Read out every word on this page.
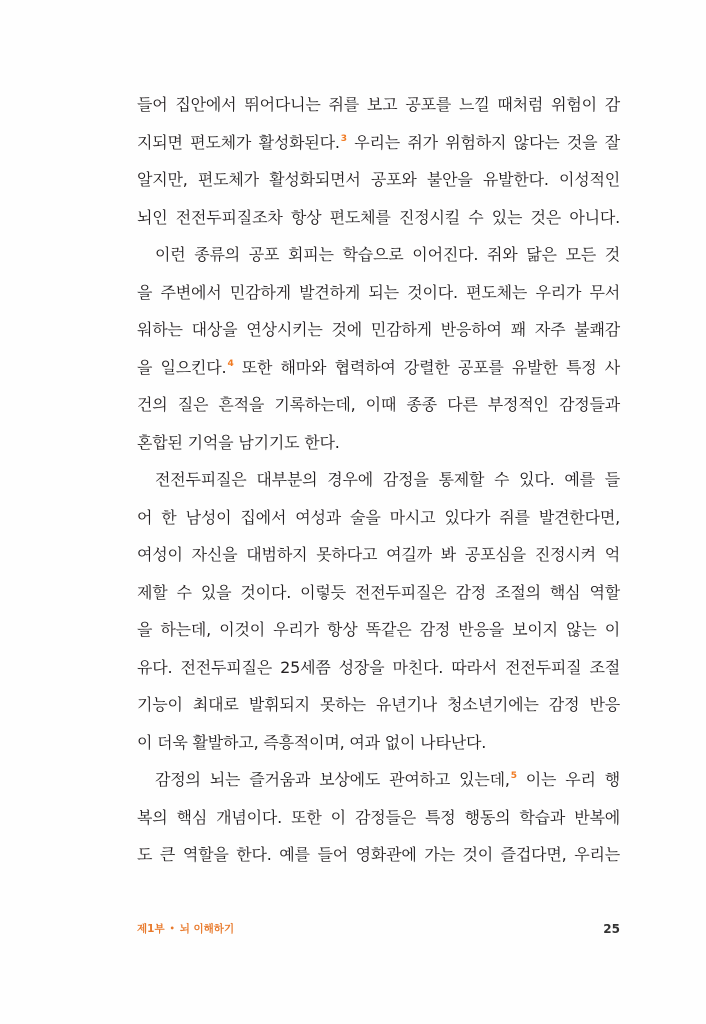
들어 집안에서 뛰어다니는 쥐를 보고 공포를 느낄 때처럼 위험이 감
지되면 편도체가 활성화된다.$^3$ 우리는 쥐가 위험하지 않다는 것을 잘
알지만, 편도체가 활성화되면서 공포와 불안을 유발한다. 이성적인
뇌인 전전두피질조차 항상 편도체를 진정시킬 수 있는 것은 아니다.
이런 종류의 공포 회피는 학습으로 이어진다. 쥐와 닮은 모든 것
을 주변에서 민감하게 발견하게 되는 것이다. 편도체는 우리가 무서
워하는 대상을 연상시키는 것에 민감하게 반응하여 꽤 자주 불쾌감
을 일으킨다.$^4$ 또한 해마와 협력하여 강렬한 공포를 유발한 특정 사
건의 질은 흔적을 기록하는데, 이때 종종 다른 부정적인 감정들과
혼합된 기억을 남기기도 한다.
전전두피질은 대부분의 경우에 감정을 통제할 수 있다. 예를 들
어 한 남성이 집에서 여성과 술을 마시고 있다가 쥐를 발견한다면,
여성이 자신을 대범하지 못하다고 여길까 봐 공포심을 진정시켜 억
제할 수 있을 것이다. 이렇듯 전전두피질은 감정 조절의 핵심 역할
을 하는데, 이것이 우리가 항상 똑같은 감정 반응을 보이지 않는 이
유다. 전전두피질은 25세쯤 성장을 마친다. 따라서 전전두피질 조절
기능이 최대로 발휘되지 못하는 유년기나 청소년기에는 감정 반응
이 더욱 활발하고, 즉흥적이며, 여과 없이 나타난다.
감정의 뇌는 즐거움과 보상에도 관여하고 있는데,$^5$ 이는 우리 행
복의 핵심 개념이다. 또한 이 감정들은 특정 행동의 학습과 반복에
도 큰 역할을 한다. 예를 들어 영화관에 가는 것이 즐겁다면, 우리는
제1부 • 뇌 이해하기	25
